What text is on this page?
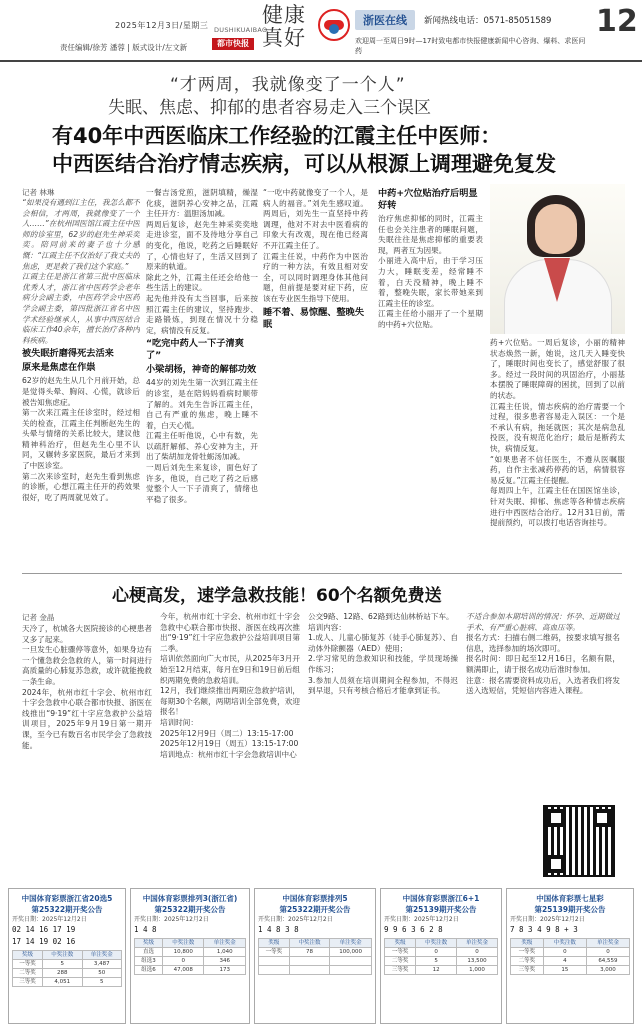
2025年12月3日/星期三
责任编辑/徐芳 潘蓉 | 版式设计/左文新
DUSHIKUAIBAO
都市快报
健康真好
浙医在线	新闻热线电话：0571-85051589
欢迎周一至周日9时—17时致电都市快报健康新闻中心咨询、爆料、求医问药
12
“才两周，我就像变了一个人”
失眠、焦虑、抑郁的患者容易走入三个误区
有40年中西医临床工作经验的江霞主任中医师：
中西医结合治疗情志疾病，可以从根源上调理避免复发
记者 林琳

“如果没有遇到江主任，我怎么都不会相信，才两周，我就像变了一个人……”在杭州国医馆江霞主任中医师的诊室里，62岁的赵先生神采奕奕。陪同前来的妻子也十分感慨：“江霞主任不仅治好了我丈夫的焦虑，更是救了我们这个家庭。”

江霞主任是浙江省第三批中医临床优秀人才，浙江省中医药学会老年病分会副主委，中医药学会中医药学会副主委，第四批浙江省名中医学术经验继承人，从事中西医结合临床工作40余年，擅长治疗各种内科疾病。

被失眠折磨得死去活来
原来是焦虑在作祟

62岁的赵先生从几个月前开始，总是觉得头晕、胸闷、心慌，就诊后被告知焦虑症。

第一次来江霞主任诊室时，经过相关的检查，江霞主任判断赵先生的头晕与情绪的关系比较大，建议他精神科治疗，但赵先生心里不认同，又辗转多家医院，最后才来到了中医诊室。

第二次来诊室时，赵先生看到焦虑的诊断，心想江霞主任开的药效果很好，吃了两周就见效了。

一餐吉汤党煎，滋阴填精，燥湿化痰，滋阴养心安神之品，江霞主任开方：温胆汤加减。

两周后复诊，赵先生神采奕奕地走进诊室，面不及待地分享自己的变化，他说，吃药之后睡眠好了，心情也好了，生活又回到了原来的轨道。

除此之外，江霞主任还会给他一些生活上的建议。

起先他并没有太当回事，后来按照江霞主任的建议，坚持跑步、走路锻炼，到现在情况十分稳定，病情没有反复。

“吃完中药人一下子清爽了”
小梁胡杨，神奇的解郁功效

44岁的刘先生第一次到江霞主任的诊室，是在陪妈妈看病时顺带了解的。刘先生告诉江霞主任，自己有严重的焦虑，晚上睡不着，白天心慌。

江霞主任听他说，心中有数，先以疏肝解郁、养心安神为主，开出了柴胡加龙骨牡蛎汤加减。

一周后刘先生来复诊，面色好了许多，他说，自己吃了药之后感觉整个人一下子清爽了，情绪也平稳了很多。

“一吃中药就像变了一个人，是病人的福音。”刘先生感叹道。两周后，刘先生一直坚持中药调理，他对不对去中医看病的印象大有改观，现在他已经离不开江霞主任了。

江霞主任说，中药作为中医治疗的一种方法，有效且相对安全，可以同时调理身体其他问题，但前提是要对症下药，应该在专业医生指导下使用。

睡不着、易惊醒、整晚失眠
中药+穴位贴治疗后明显好转

治疗焦虑抑郁的同时，江霞主任也会关注患者的睡眠问题，失眠往往是焦虑抑郁的重要表现，两者互为因果。

小丽进入高中后，由于学习压力大，睡眠变差，经常睡不着，白天没精神，晚上睡不着，整晚失眠，家长带她来到江霞主任的诊室。

江霞主任给小丽开了一个星期的中药+穴位贴。

药+穴位贴。一周后复诊，小丽的精神状态焕然一新，她说，这几天入睡变快了，睡眠时间也变长了，感觉舒服了很多。经过一段时间的巩固治疗，小丽基本摆脱了睡眠障碍的困扰，回到了以前的状态。

江霞主任说，情志疾病的治疗需要一个过程，很多患者容易走入误区：一个是不承认有病，拖延就医；其次是病急乱投医，没有规范化治疗；最后是断药太快，病情反复。

“如果患者不信任医生，不遵从医嘱服药，自作主张减药停药的话，病情很容易反复。”江霞主任提醒。

每周四上午，江霞主任在国医馆坐诊，针对失眠、抑郁、焦虑等各种情志疾病进行中西医结合治疗。12月31日前，需提前预约，可以拨打电话咨询挂号。

心梗高发，速学急救技能！60个名额免费送
记者 金晶

天冷了，杭城各大医院接诊的心梗患者又多了起来。

一旦发生心脏骤停等意外，如果身边有一个懂急救会急救的人，第一时间进行高质量的心肺复苏急救，或许就能挽救一条生命。

2024年，杭州市红十字会、杭州市红十字会急救中心联合都市快报、浙医在线推出“9·19”红十字应急救护公益培训项目，2025年9月19日第一期开课，至今已有数百名市民学会了急救技能。

今年，杭州市红十字会、杭州市红十字会急救中心联合都市快报、浙医在线再次推出“9·19”红十字应急救护公益培训项目第二季。

培训依然面向广大市民，从2025年3月开始至12月结束，每月在9日和19日前后组织两期免费的急救培训。

12月，我们继续推出两期应急救护培训，每期30个名额，两期培训全部免费，欢迎报名！

培训时间：

2025年12月9日（周二）13:15-17:00

2025年12月19日（周五）13:15-17:00

培训地点：杭州市红十字会急救培训中心

公交9路、12路、62路到达仙林桥站下车。

培训内容：

1.成人、儿童心肺复苏（徒手心肺复苏）、自动体外除颤器（AED）使用；

2.学习常见的急救知识和技能，学员现场操作练习；

3.参加人员须在培训期间全程参加，不得迟到早退，只有考核合格后才能拿到证书。

不适合参加本期培训的情况：怀孕、近期做过手术、有严重心脏病、高血压等。

报名方式：扫描右侧二维码，按要求填写报名信息，选择参加的场次即可。

报名时间：即日起至12月16日，名额有限，额满即止，请于报名成功后准时参加。

注意：报名需要资料成功后，入选者我们将发送入选短信，凭短信内容进入课程。

中国体育彩票浙江省20选5
第25322期开奖公告
开奖日期：2025年12月2日
02 14 16 17 19
17 14 19 02 16
奖级	中奖注数	单注奖金
一等奖	5	3,487
二等奖	288	50
三等奖	4,051	5
中国体育彩票排列3(浙江省)
第25322期开奖公告
开奖日期：2025年12月2日
1 4 8
奖级	中奖注数	单注奖金
直选	10,800	1,040
组选3	0	346
组选6	47,008	173
中国体育彩票排列5
第25322期开奖公告
开奖日期：2025年12月2日
1 4 8 3 8
奖级	中奖注数	单注奖金
一等奖	78	100,000

中国体育彩票浙江6+1
第25139期开奖公告
开奖日期：2025年12月2日
9 9 6 3 6 2 8
奖级	中奖注数	单注奖金
一等奖	0	0
二等奖	5	13,500
三等奖	12	1,000
中国体育彩票七星彩
第25139期开奖公告
开奖日期：2025年12月2日
7 8 3 4 9 8 + 3
奖级	中奖注数	单注奖金
一等奖	0	0
二等奖	4	64,559
三等奖	15	3,000
